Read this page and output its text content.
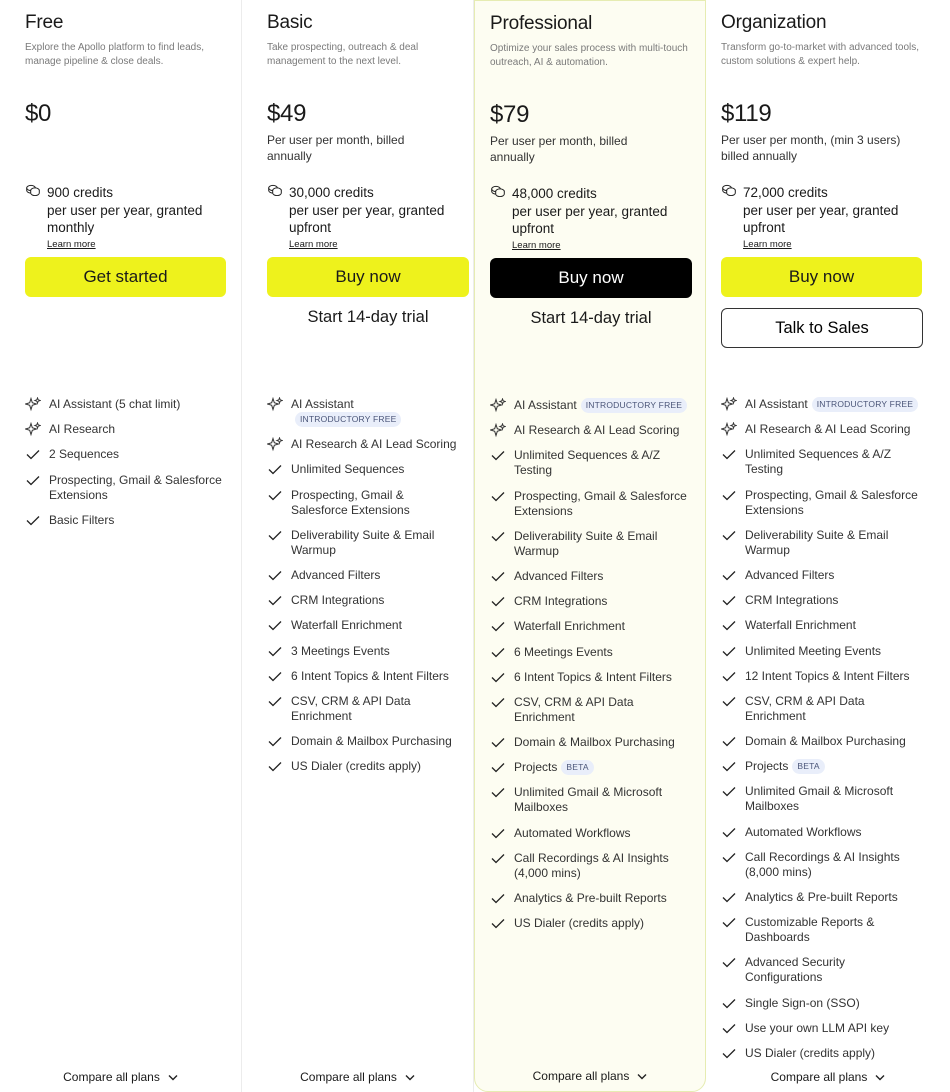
Free
Explore the Apollo platform to find leads, manage pipeline & close deals.
$0
900 credits
per user per year, granted monthly
Learn more
Get started
AI Assistant (5 chat limit)
AI Research
2 Sequences
Prospecting, Gmail & Salesforce Extensions
Basic Filters
Compare all plans
Basic
Take prospecting, outreach & deal management to the next level.
$49
Per user per month, billed annually
30,000 credits
per user per year, granted upfront
Learn more
Buy now
Start 14-day trial
AI AssistantINTRODUCTORY FREE
AI Research & AI Lead Scoring
Unlimited Sequences
Prospecting, Gmail & Salesforce Extensions
Deliverability Suite & Email Warmup
Advanced Filters
CRM Integrations
Waterfall Enrichment
3 Meetings Events
6 Intent Topics & Intent Filters
CSV, CRM & API Data Enrichment
Domain & Mailbox Purchasing
US Dialer (credits apply)
Compare all plans
Professional
Optimize your sales process with multi-touch outreach, AI & automation.
$79
Per user per month, billed annually
48,000 credits
per user per year, granted upfront
Learn more
Buy now
Start 14-day trial
AI Assistant INTRODUCTORY FREE
AI Research & AI Lead Scoring
Unlimited Sequences & A/Z Testing
Prospecting, Gmail & Salesforce Extensions
Deliverability Suite & Email Warmup
Advanced Filters
CRM Integrations
Waterfall Enrichment
6 Meetings Events
6 Intent Topics & Intent Filters
CSV, CRM & API Data Enrichment
Domain & Mailbox Purchasing
Projects BETA
Unlimited Gmail & Microsoft Mailboxes
Automated Workflows
Call Recordings & AI Insights (4,000 mins)
Analytics & Pre-built Reports
US Dialer (credits apply)
Compare all plans
Organization
Transform go-to-market with advanced tools, custom solutions & expert help.
$119
Per user per month, (min 3 users) billed annually
72,000 credits
per user per year, granted upfront
Learn more
Buy now
Talk to Sales
AI Assistant INTRODUCTORY FREE
AI Research & AI Lead Scoring
Unlimited Sequences & A/Z Testing
Prospecting, Gmail & Salesforce Extensions
Deliverability Suite & Email Warmup
Advanced Filters
CRM Integrations
Waterfall Enrichment
Unlimited Meeting Events
12 Intent Topics & Intent Filters
CSV, CRM & API Data Enrichment
Domain & Mailbox Purchasing
Projects BETA
Unlimited Gmail & Microsoft Mailboxes
Automated Workflows
Call Recordings & AI Insights (8,000 mins)
Analytics & Pre-built Reports
Customizable Reports & Dashboards
Advanced Security Configurations
Single Sign-on (SSO)
Use your own LLM API key
US Dialer (credits apply)
Compare all plans
